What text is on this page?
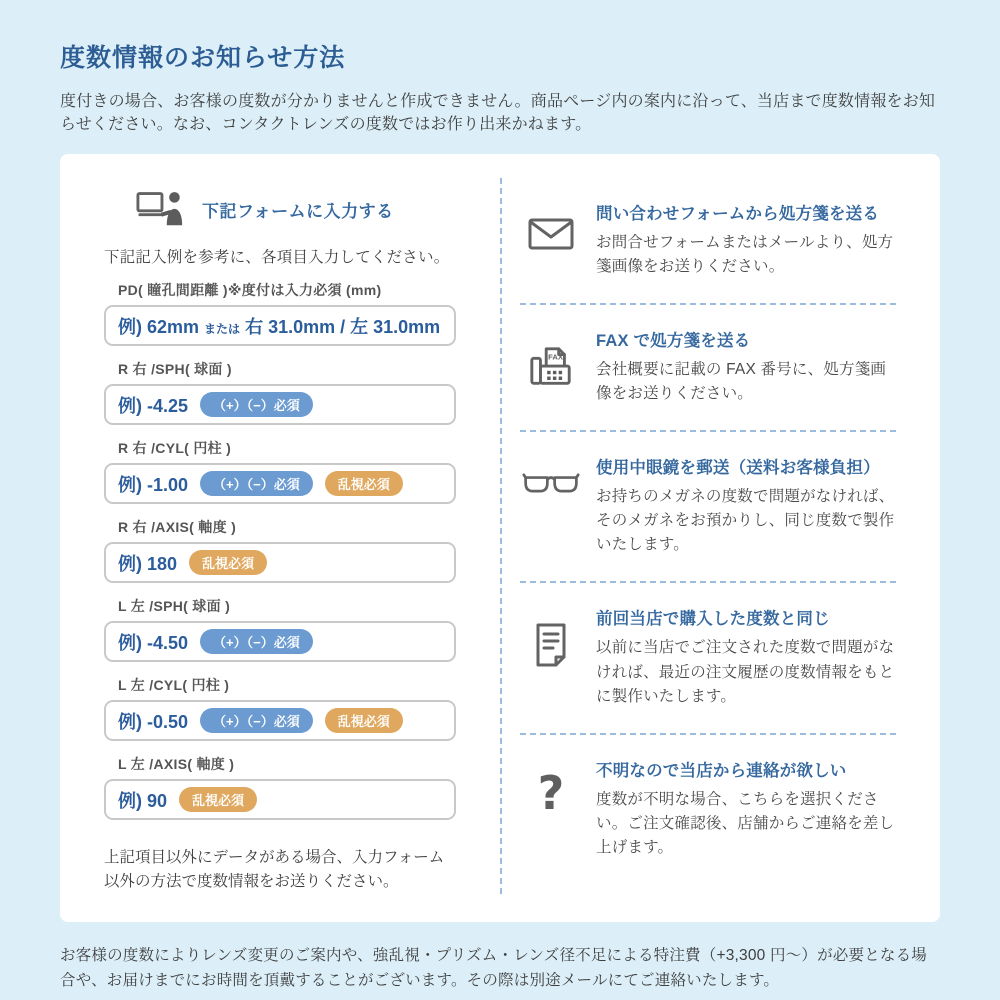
度数情報のお知らせ方法

度付きの場合、お客様の度数が分かりませんと作成できません。商品ページ内の案内に沿って、当店まで度数情報をお知らせください。なお、コンタクトレンズの度数ではお作り出来かねます。

下記フォームに入力する

下記記入例を参考に、各項目入力してください。

PD( 瞳孔間距離 )※度付は入力必須 (mm)
例) 62mm または 右 31.0mm / 左 31.0mm
R 右 /SPH( 球面 )
例) -4.25	（+）（−）必須
R 右 /CYL( 円柱 )
例) -1.00	（+）（−）必須	乱視必須
R 右 /AXIS( 軸度 )
例) 180	乱視必須
L 左 /SPH( 球面 )
例) -4.50	（+）（−）必須
L 左 /CYL( 円柱 )
例) -0.50	（+）（−）必須	乱視必須
L 左 /AXIS( 軸度 )
例) 90	乱視必須

上記項目以外にデータがある場合、入力フォーム以外の方法で度数情報をお送りください。

問い合わせフォームから処方箋を送る
お問合せフォームまたはメールより、処方箋画像をお送りください。
FAX
FAX で処方箋を送る
会社概要に記載の FAX 番号に、処方箋画像をお送りください。
使用中眼鏡を郵送（送料お客様負担）
お持ちのメガネの度数で問題がなければ、そのメガネをお預かりし、同じ度数で製作いたします。
前回当店で購入した度数と同じ
以前に当店でご注文された度数で問題がなければ、最近の注文履歴の度数情報をもとに製作いたします。
? 不明なので当店から連絡が欲しい
度数が不明な場合、こちらを選択ください。ご注文確認後、店舗からご連絡を差し上げます。

お客様の度数によりレンズ変更のご案内や、強乱視・プリズム・レンズ径不足による特注費（+3,300 円〜）が必要となる場合や、お届けまでにお時間を頂戴することがございます。その際は別途メールにてご連絡いたします。
